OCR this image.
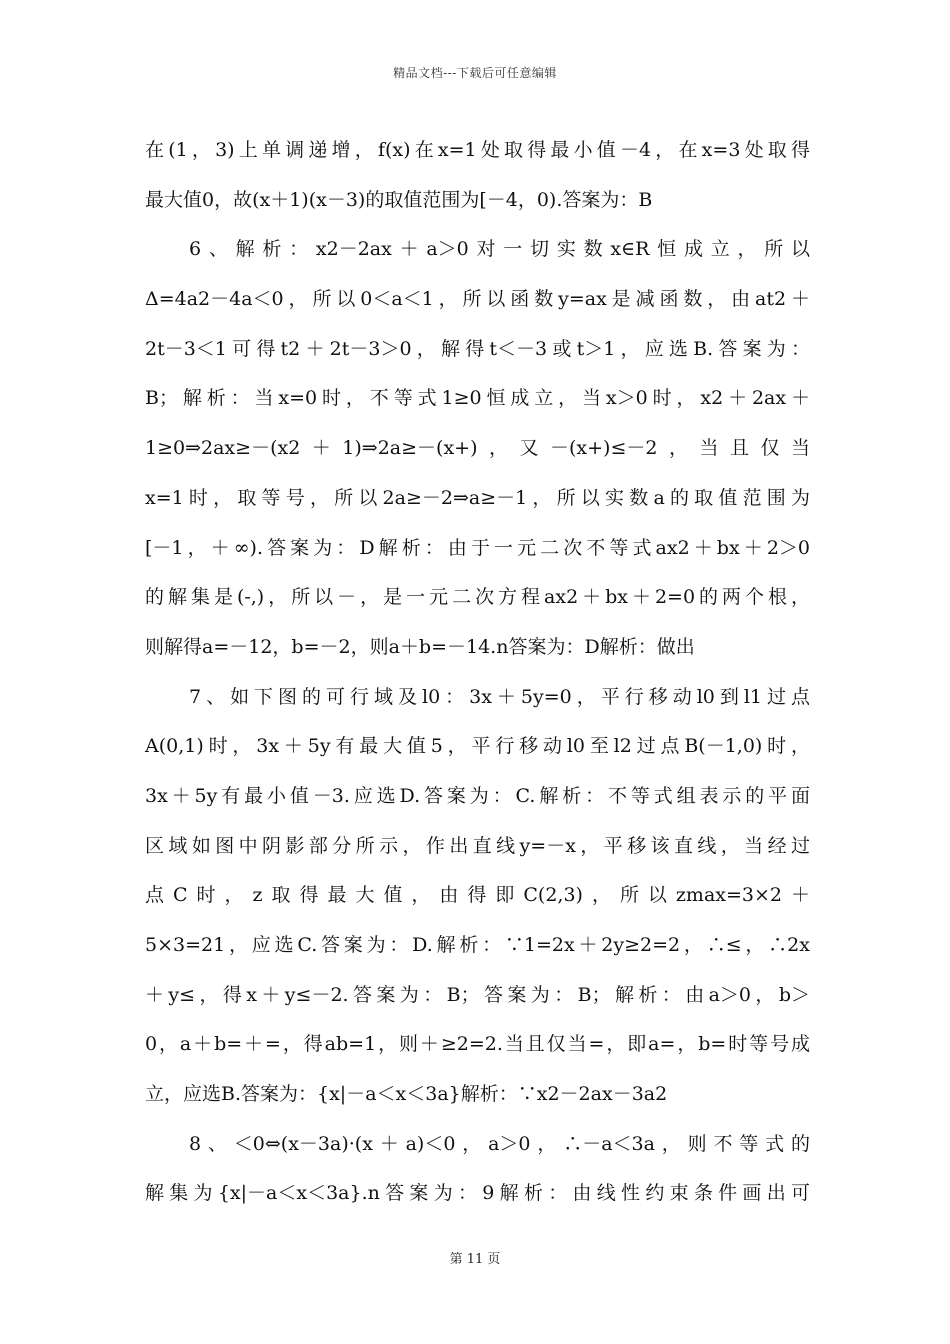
精品文档---下载后可任意编辑
在(1，3)上单调递增，f(x)在x=1处取得最小值－4，在x=3处取得
最大值0，故(x＋1)(x－3)的取值范围为[－4，0).答案为：B
6、解析：x2－2ax＋a＞0对一切实数x∈R恒成立，所以
Δ=4a2－4a＜0，所以0＜a＜1，所以函数y=ax是减函数，由at2＋
2t－3＜1可得t2＋2t－3＞0，解得t＜－3或t＞1，应选B.答案为：
B；解析：当x=0时，不等式1≥0恒成立，当x＞0时，x2＋2ax＋
1≥0⇒2ax≥－(x2＋1)⇒2a≥－(x+)，又－(x+)≤－2，当且仅当
x=1时，取等号，所以2a≥－2⇒a≥－1，所以实数a的取值范围为
[－1，＋∞).答案为：D解析：由于一元二次不等式ax2＋bx＋2＞0
的解集是(-,)，所以－，是一元二次方程ax2＋bx＋2=0的两个根，
则解得a=－12，b=－2，则a＋b=－14.n答案为：D解析：做出
7、如下图的可行域及l0：3x＋5y=0，平行移动l0到l1过点
A(0,1)时，3x＋5y有最大值5，平行移动l0至l2过点B(－1,0)时，
3x＋5y有最小值－3.应选D.答案为：C.解析：不等式组表示的平面
区域如图中阴影部分所示，作出直线y=－x，平移该直线，当经过
点C时，z取得最大值，由得即C(2,3)，所以zmax=3×2＋
5×3=21，应选C.答案为：D.解析：∵1=2x＋2y≥2=2，∴≤，∴2x
＋y≤，得x＋y≤－2.答案为：B；答案为：B；解析：由a＞0，b＞
0，a＋b=＋=，得ab=1，则＋≥2=2.当且仅当=，即a=，b=时等号成
立，应选B.答案为：{x|－a＜x＜3a}解析：∵x2－2ax－3a2
8、＜0⇔(x－3a)·(x＋a)＜0，a＞0，∴－a＜3a，则不等式的
解集为{x|－a＜x＜3a}.n答案为：9解析：由线性约束条件画出可
第 11 页
